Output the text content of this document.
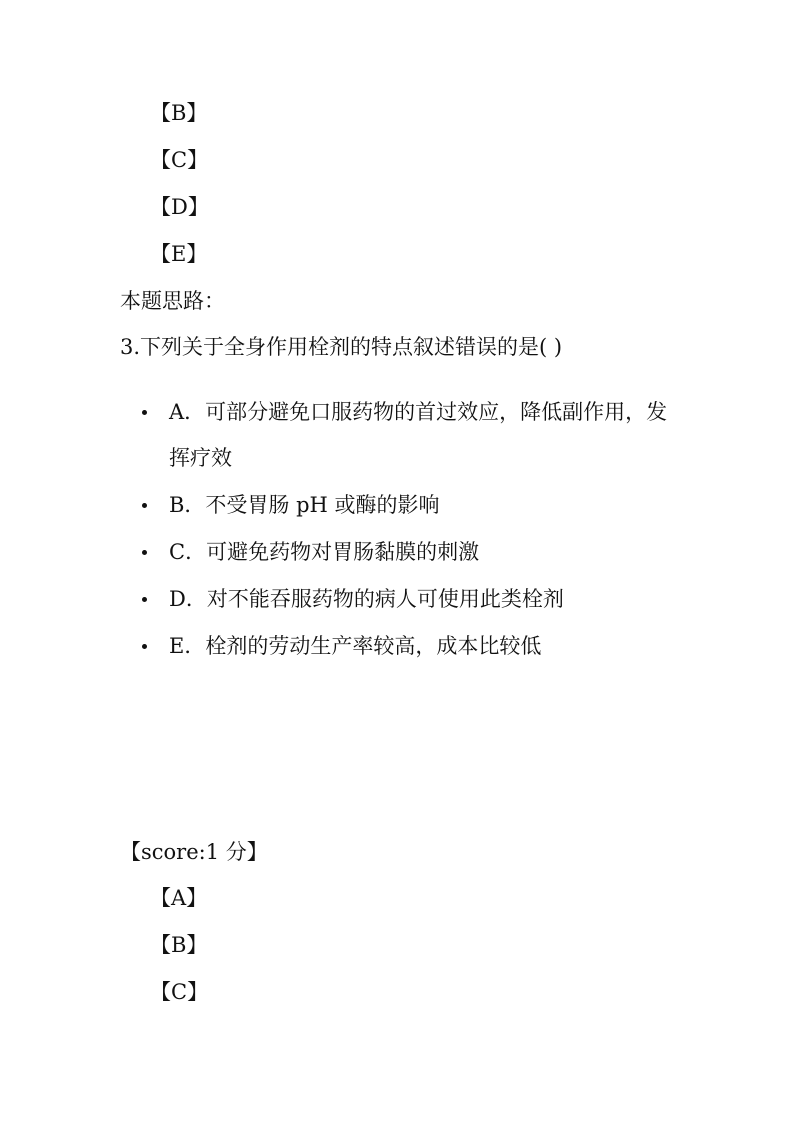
【B】
【C】
【D】
【E】
本题思路：
3.下列关于全身作用栓剂的特点叙述错误的是( )
A．可部分避免口服药物的首过效应，降低副作用，发挥疗效
B．不受胃肠 pH 或酶的影响
C．可避免药物对胃肠黏膜的刺激
D．对不能吞服药物的病人可使用此类栓剂
E．栓剂的劳动生产率较高，成本比较低
【score:1 分】
【A】
【B】
【C】
